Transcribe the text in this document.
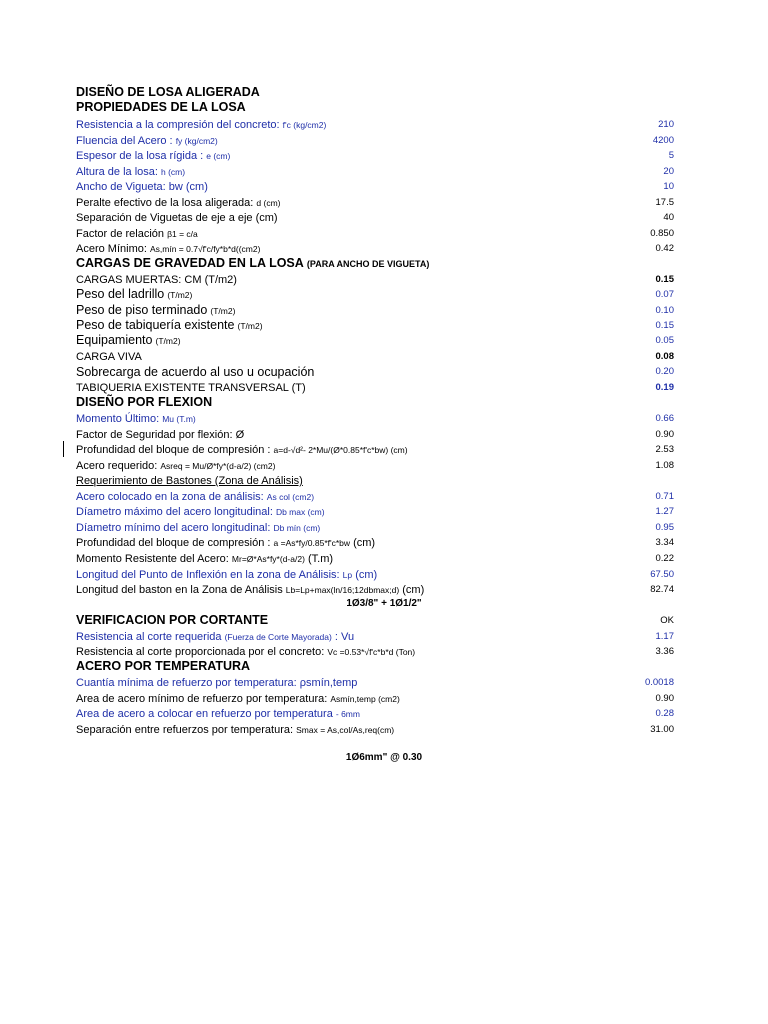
DISEÑO DE LOSA ALIGERADA
PROPIEDADES DE LA LOSA
Resistencia a la compresión del concreto: f'c (kg/cm2)	210
Fluencia del Acero : fy (kg/cm2)	4200
Espesor de la losa rígida : e (cm)	5
Altura de la losa: h (cm)	20
Ancho de Vigueta: bw (cm)	10
Peralte efectivo de la losa aligerada: d (cm)	17.5
Separación de Viguetas de eje a eje (cm)	40
Factor de relación β1 = c/a	0.850
Acero Mínimo: As,mín = 0.7√f'c/fy*b*d((cm2)	0.42
CARGAS DE GRAVEDAD EN LA LOSA (PARA ANCHO DE VIGUETA)
CARGAS MUERTAS: CM (T/m2)	0.15
Peso del ladrillo (T/m2)	0.07
Peso de piso terminado (T/m2)	0.10
Peso de tabiquería existente (T/m2)	0.15
Equipamiento (T/m2)	0.05
CARGA VIVA	0.08
Sobrecarga de acuerdo al uso u ocupación	0.20
TABIQUERIA EXISTENTE TRANSVERSAL (T)	0.19
DISEÑO POR FLEXION
Momento Último: Mu (T.m)	0.66
Factor de Seguridad por flexión: Ø	0.90
Profundidad del bloque de compresión : a=d-√d²- 2*Mu/(Ø*0.85*f'c*bw) (cm)	2.53
Acero requerido: Asreq = Mu/Ø*fy*(d-a/2) (cm2)	1.08
Requerimiento de Bastones (Zona de Análisis)
Acero colocado en la zona de análisis: As col (cm2)	0.71
Díametro máximo del acero longitudinal: Db max (cm)	1.27
Díametro mínimo del acero longitudinal: Db mín (cm)	0.95
Profundidad del bloque de compresión : a =As*fy/0.85*f'c*bw (cm)	3.34
Momento Resistente del Acero: Mr=Ø*As*fy*(d-a/2) (T.m)	0.22
Longitud del Punto de Inflexión en la zona de Análisis: Lp (cm)	67.50
Longitud del baston en la Zona de Análisis Lb=Lp+max(ln/16;12dbmax;d) (cm)	82.74
1Ø3/8" + 1Ø1/2"
VERIFICACION POR CORTANTE	OK
Resistencia al corte requerida (Fuerza de Corte Mayorada) : Vu	1.17
Resistencia al corte proporcionada por el concreto: Vc =0.53*√f'c*b*d (Ton)	3.36
ACERO POR TEMPERATURA
Cuantía mínima de refuerzo por temperatura: ρsmín,temp	0.0018
Area de acero mínimo de refuerzo por temperatura: Asmín,temp (cm2)	0.90
Area de acero a colocar en refuerzo por temperatura - 6mm	0.28
Separación entre refuerzos por temperatura: Smax = As,col/As,req(cm)	31.00
1Ø6mm" @ 0.30
